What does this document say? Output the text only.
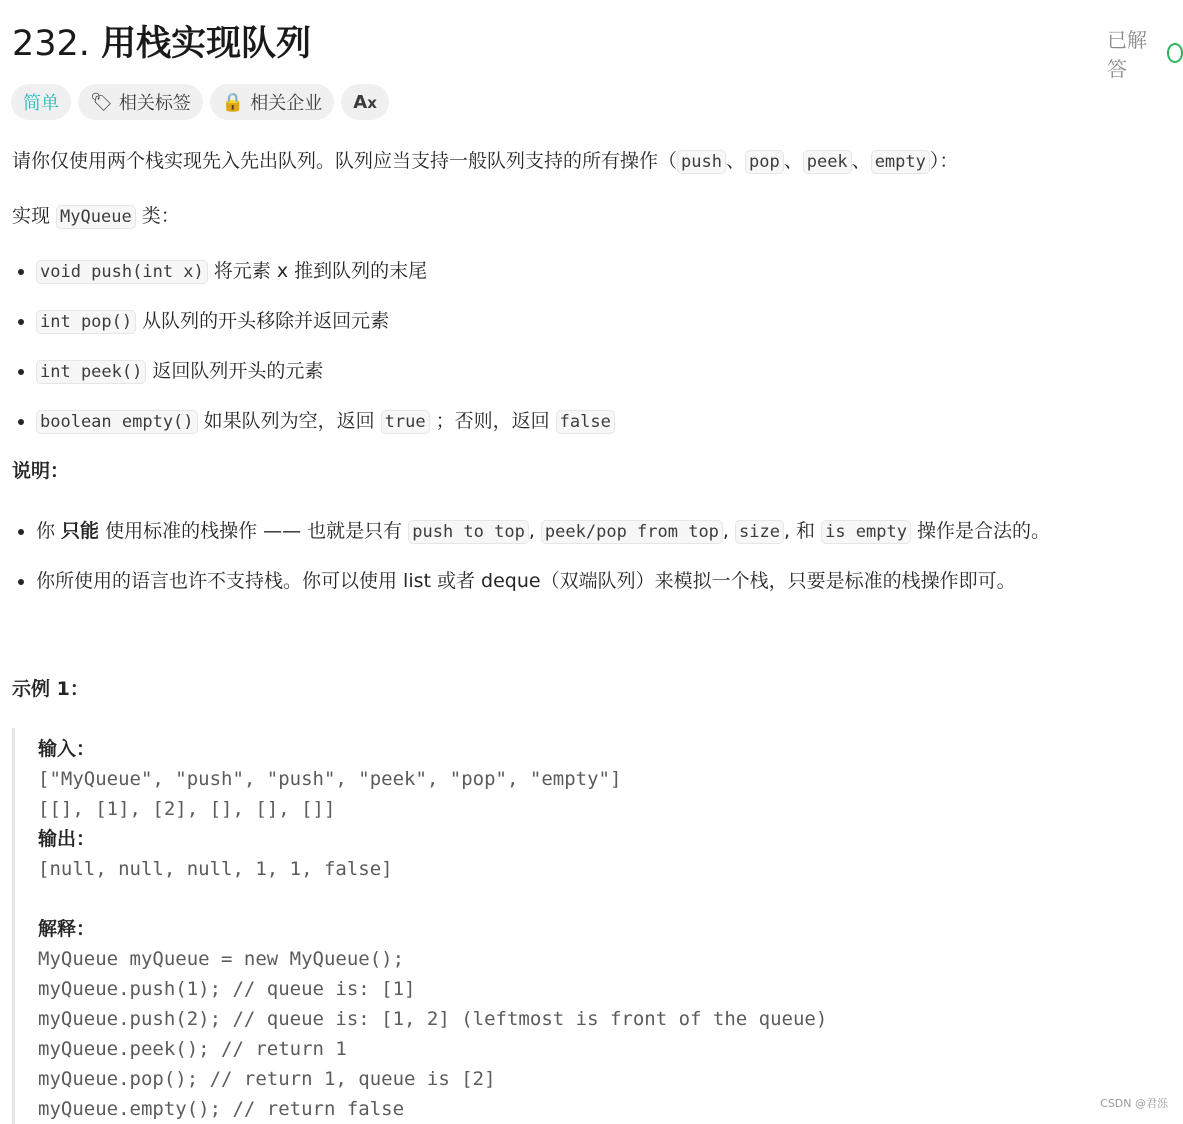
232. 用栈实现队列	已解答
简单	🏷 相关标签 🔒 相关企业 Ax

请你仅使用两个栈实现先入先出队列。队列应当支持一般队列支持的所有操作（ push 、 pop 、 peek 、 empty ）：

实现 MyQueue 类：

• void push(int x) 将元素 x 推到队列的末尾
• int pop() 从队列的开头移除并返回元素
• int peek() 返回队列开头的元素
• boolean empty() 如果队列为空，返回 true ；否则，返回 false

说明：

• 你 只能 使用标准的栈操作 —— 也就是只有 push to top , peek/pop from top , size , 和 is empty 操作是合法的。
• 你所使用的语言也许不支持栈。你可以使用 list 或者 deque（双端队列）来模拟一个栈，只要是标准的栈操作即可。

示例 1：

输入：
["MyQueue", "push", "push", "peek", "pop", "empty"]
[[], [1], [2], [], [], []]
输出：
[null, null, null, 1, 1, false]

解释：
MyQueue myQueue = new MyQueue();
myQueue.push(1); // queue is: [1]
myQueue.push(2); // queue is: [1, 2] (leftmost is front of the queue)
myQueue.peek(); // return 1
myQueue.pop(); // return 1, queue is [2]
myQueue.empty(); // return false	CSDN @君泺
